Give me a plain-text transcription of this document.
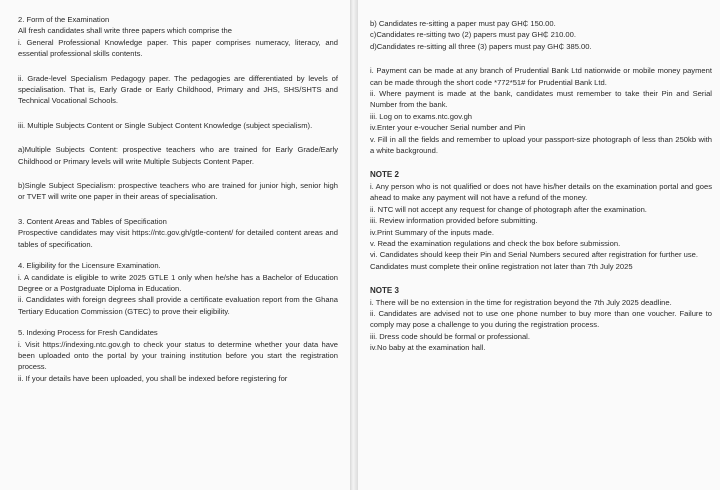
2. Form of the Examination

All fresh candidates shall write three papers which comprise the

i. General Professional Knowledge paper. This paper comprises numeracy, literacy, and essential professional skills contents.

ii. Grade-level Specialism Pedagogy paper. The pedagogies are differentiated by levels of specialisation. That is, Early Grade or Early Childhood, Primary and JHS, SHS/SHTS and Technical Vocational Schools.

iii. Multiple Subjects Content or Single Subject Content Knowledge (subject specialism).

a)Multiple Subjects Content: prospective teachers who are trained for Early Grade/Early Childhood or Primary levels will write Multiple Subjects Content Paper.

b)Single Subject Specialism: prospective teachers who are trained for junior high, senior high or TVET will write one paper in their areas of specialisation.

3. Content Areas and Tables of Specification

Prospective candidates may visit https://ntc.gov.gh/gtle-content/ for detailed content areas and tables of specification.

4. Eligibility for the Licensure Examination.

i. A candidate is eligible to write 2025 GTLE 1 only when he/she has a Bachelor of Education Degree or a Postgraduate Diploma in Education.

ii. Candidates with foreign degrees shall provide a certificate evaluation report from the Ghana Tertiary Education Commission (GTEC) to prove their eligibility.

5. Indexing Process for Fresh Candidates

i. Visit https://indexing.ntc.gov.gh to check your status to determine whether your data have been uploaded onto the portal by your training institution before you start the registration process.

ii. If your details have been uploaded, you shall be indexed before registering for

b) Candidates re-sitting a paper must pay GH₵ 150.00.

c)Candidates re-sitting two (2) papers must pay GH₵ 210.00.

d)Candidates re-sitting all three (3) papers must pay GH₵ 385.00.

i. Payment can be made at any branch of Prudential Bank Ltd nationwide or mobile money payment can be made through the short code *772*51# for Prudential Bank Ltd.

ii. Where payment is made at the bank, candidates must remember to take their Pin and Serial Number from the bank.

iii. Log on to exams.ntc.gov.gh

iv.Enter your e-voucher Serial number and Pin

v. Fill in all the fields and remember to upload your passport-size photograph of less than 250kb with a white background.

NOTE 2

i. Any person who is not qualified or does not have his/her details on the examination portal and goes ahead to make any payment will not have a refund of the money.

ii. NTC will not accept any request for change of photograph after the examination.

iii. Review information provided before submitting.

iv.Print Summary of the inputs made.

v. Read the examination regulations and check the box before submission.

vi. Candidates should keep their Pin and Serial Numbers secured after registration for further use.

Candidates must complete their online registration not later than 7th July 2025

NOTE 3

i. There will be no extension in the time for registration beyond the 7th July 2025 deadline.

ii. Candidates are advised not to use one phone number to buy more than one voucher. Failure to comply may pose a challenge to you during the registration process.

iii. Dress code should be formal or professional.

iv.No baby at the examination hall.
